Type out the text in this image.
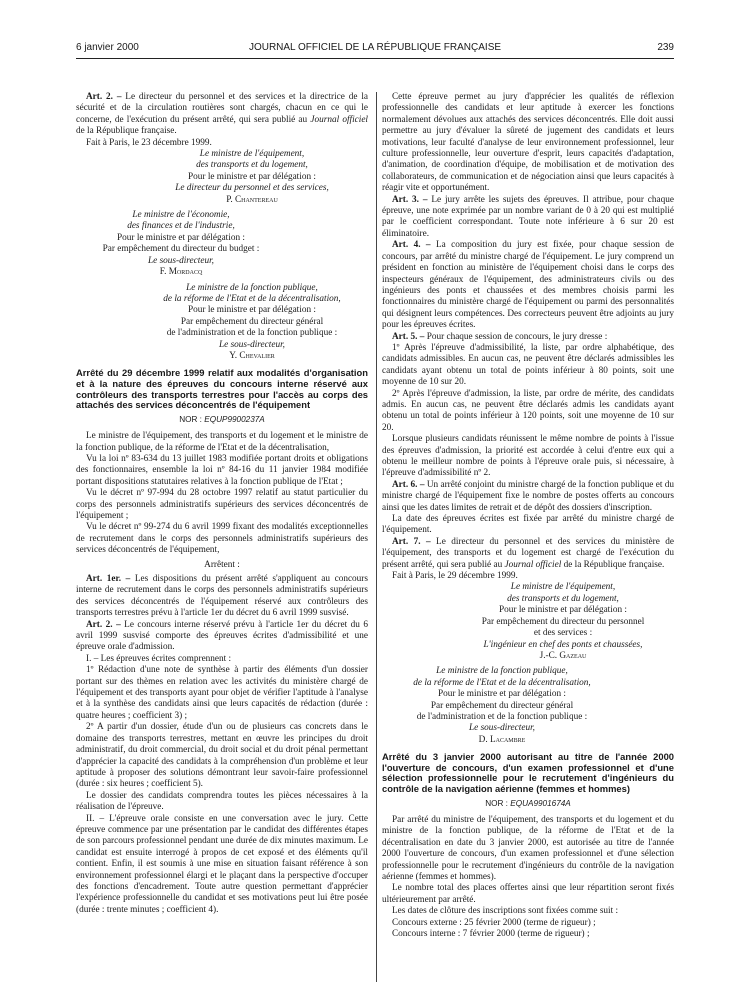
6 janvier 2000	JOURNAL OFFICIEL DE LA RÉPUBLIQUE FRANÇAISE	239

Art. 2. – Le directeur du personnel et des services et la directrice de la sécurité et de la circulation routières sont chargés, chacun en ce qui le concerne, de l'exécution du présent arrêté, qui sera publié au Journal officiel de la République française.

Fait à Paris, le 23 décembre 1999.

Le ministre de l'équipement,

des transports et du logement,

Pour le ministre et par délégation :

Le directeur du personnel et des services,

P. Chantereau

Le ministre de l'économie,

des finances et de l'industrie,

Pour le ministre et par délégation :

Par empêchement du directeur du budget :

Le sous-directeur,

F. Mordacq

Le ministre de la fonction publique,

de la réforme de l'Etat et de la décentralisation,

Pour le ministre et par délégation :

Par empêchement du directeur général

de l'administration et de la fonction publique :

Le sous-directeur,

Y. Chevalier

Arrêté du 29 décembre 1999 relatif aux modalités d'organisation et à la nature des épreuves du concours interne réservé aux contrôleurs des transports terrestres pour l'accès au corps des attachés des services déconcentrés de l'équipement

NOR : EQUP9900237A

Le ministre de l'équipement, des transports et du logement et le ministre de la fonction publique, de la réforme de l'Etat et de la décentralisation,

Vu la loi nº 83-634 du 13 juillet 1983 modifiée portant droits et obligations des fonctionnaires, ensemble la loi nº 84-16 du 11 janvier 1984 modifiée portant dispositions statutaires relatives à la fonction publique de l'Etat ;

Vu le décret nº 97-994 du 28 octobre 1997 relatif au statut particulier du corps des personnels administratifs supérieurs des services déconcentrés de l'équipement ;

Vu le décret nº 99-274 du 6 avril 1999 fixant des modalités exceptionnelles de recrutement dans le corps des personnels administratifs supérieurs des services déconcentrés de l'équipement,

Arrêtent :

Art. 1er. – Les dispositions du présent arrêté s'appliquent au concours interne de recrutement dans le corps des personnels administratifs supérieurs des services déconcentrés de l'équipement réservé aux contrôleurs des transports terrestres prévu à l'article 1er du décret du 6 avril 1999 susvisé.

Art. 2. – Le concours interne réservé prévu à l'article 1er du décret du 6 avril 1999 susvisé comporte des épreuves écrites d'admissibilité et une épreuve orale d'admission.

I. – Les épreuves écrites comprennent :

1º Rédaction d'une note de synthèse à partir des éléments d'un dossier portant sur des thèmes en relation avec les activités du ministère chargé de l'équipement et des transports ayant pour objet de vérifier l'aptitude à l'analyse et à la synthèse des candidats ainsi que leurs capacités de rédaction (durée : quatre heures ; coefficient 3) ;

2º A partir d'un dossier, étude d'un ou de plusieurs cas concrets dans le domaine des transports terrestres, mettant en œuvre les principes du droit administratif, du droit commercial, du droit social et du droit pénal permettant d'apprécier la capacité des candidats à la compréhension d'un problème et leur aptitude à proposer des solutions démontrant leur savoir-faire professionnel (durée : six heures ; coefficient 5).

Le dossier des candidats comprendra toutes les pièces nécessaires à la réalisation de l'épreuve.

II. – L'épreuve orale consiste en une conversation avec le jury. Cette épreuve commence par une présentation par le candidat des différentes étapes de son parcours professionnel pendant une durée de dix minutes maximum. Le candidat est ensuite interrogé à propos de cet exposé et des éléments qu'il contient. Enfin, il est soumis à une mise en situation faisant référence à son environnement professionnel élargi et le plaçant dans la perspective d'occuper des fonctions d'encadrement. Toute autre question permettant d'apprécier l'expérience professionnelle du candidat et ses motivations peut lui être posée (durée : trente minutes ; coefficient 4).

Cette épreuve permet au jury d'apprécier les qualités de réflexion professionnelle des candidats et leur aptitude à exercer les fonctions normalement dévolues aux attachés des services déconcentrés. Elle doit aussi permettre au jury d'évaluer la sûreté de jugement des candidats et leurs motivations, leur faculté d'analyse de leur environnement professionnel, leur culture professionnelle, leur ouverture d'esprit, leurs capacités d'adaptation, d'animation, de coordination d'équipe, de mobilisation et de motivation des collaborateurs, de communication et de négociation ainsi que leurs capacités à réagir vite et opportunément.

Art. 3. – Le jury arrête les sujets des épreuves. Il attribue, pour chaque épreuve, une note exprimée par un nombre variant de 0 à 20 qui est multiplié par le coefficient correspondant. Toute note inférieure à 6 sur 20 est éliminatoire.

Art. 4. – La composition du jury est fixée, pour chaque session de concours, par arrêté du ministre chargé de l'équipement. Le jury comprend un président en fonction au ministère de l'équipement choisi dans le corps des inspecteurs généraux de l'équipement, des administrateurs civils ou des ingénieurs des ponts et chaussées et des membres choisis parmi les fonctionnaires du ministère chargé de l'équipement ou parmi des personnalités qui désignent leurs compétences. Des correcteurs peuvent être adjoints au jury pour les épreuves écrites.

Art. 5. – Pour chaque session de concours, le jury dresse :

1º Après l'épreuve d'admissibilité, la liste, par ordre alphabétique, des candidats admissibles. En aucun cas, ne peuvent être déclarés admissibles les candidats ayant obtenu un total de points inférieur à 80 points, soit une moyenne de 10 sur 20.

2º Après l'épreuve d'admission, la liste, par ordre de mérite, des candidats admis. En aucun cas, ne peuvent être déclarés admis les candidats ayant obtenu un total de points inférieur à 120 points, soit une moyenne de 10 sur 20.

Lorsque plusieurs candidats réunissent le même nombre de points à l'issue des épreuves d'admission, la priorité est accordée à celui d'entre eux qui a obtenu le meilleur nombre de points à l'épreuve orale puis, si nécessaire, à l'épreuve d'admissibilité nº 2.

Art. 6. – Un arrêté conjoint du ministre chargé de la fonction publique et du ministre chargé de l'équipement fixe le nombre de postes offerts au concours ainsi que les dates limites de retrait et de dépôt des dossiers d'inscription.

La date des épreuves écrites est fixée par arrêté du ministre chargé de l'équipement.

Art. 7. – Le directeur du personnel et des services du ministère de l'équipement, des transports et du logement est chargé de l'exécution du présent arrêté, qui sera publié au Journal officiel de la République française.

Fait à Paris, le 29 décembre 1999.

Le ministre de l'équipement,

des transports et du logement,

Pour le ministre et par délégation :

Par empêchement du directeur du personnel

et des services :

L'ingénieur en chef des ponts et chaussées,

J.-C. Gazeau

Le ministre de la fonction publique,

de la réforme de l'Etat et de la décentralisation,

Pour le ministre et par délégation :

Par empêchement du directeur général

de l'administration et de la fonction publique :

Le sous-directeur,

D. Lacambre

Arrêté du 3 janvier 2000 autorisant au titre de l'année 2000 l'ouverture de concours, d'un examen professionnel et d'une sélection professionnelle pour le recrutement d'ingénieurs du contrôle de la navigation aérienne (femmes et hommes)

NOR : EQUA9901674A

Par arrêté du ministre de l'équipement, des transports et du logement et du ministre de la fonction publique, de la réforme de l'Etat et de la décentralisation en date du 3 janvier 2000, est autorisée au titre de l'année 2000 l'ouverture de concours, d'un examen professionnel et d'une sélection professionnelle pour le recrutement d'ingénieurs du contrôle de la navigation aérienne (femmes et hommes).

Le nombre total des places offertes ainsi que leur répartition seront fixés ultérieurement par arrêté.

Les dates de clôture des inscriptions sont fixées comme suit :

Concours externe : 25 février 2000 (terme de rigueur) ;

Concours interne : 7 février 2000 (terme de rigueur) ;
